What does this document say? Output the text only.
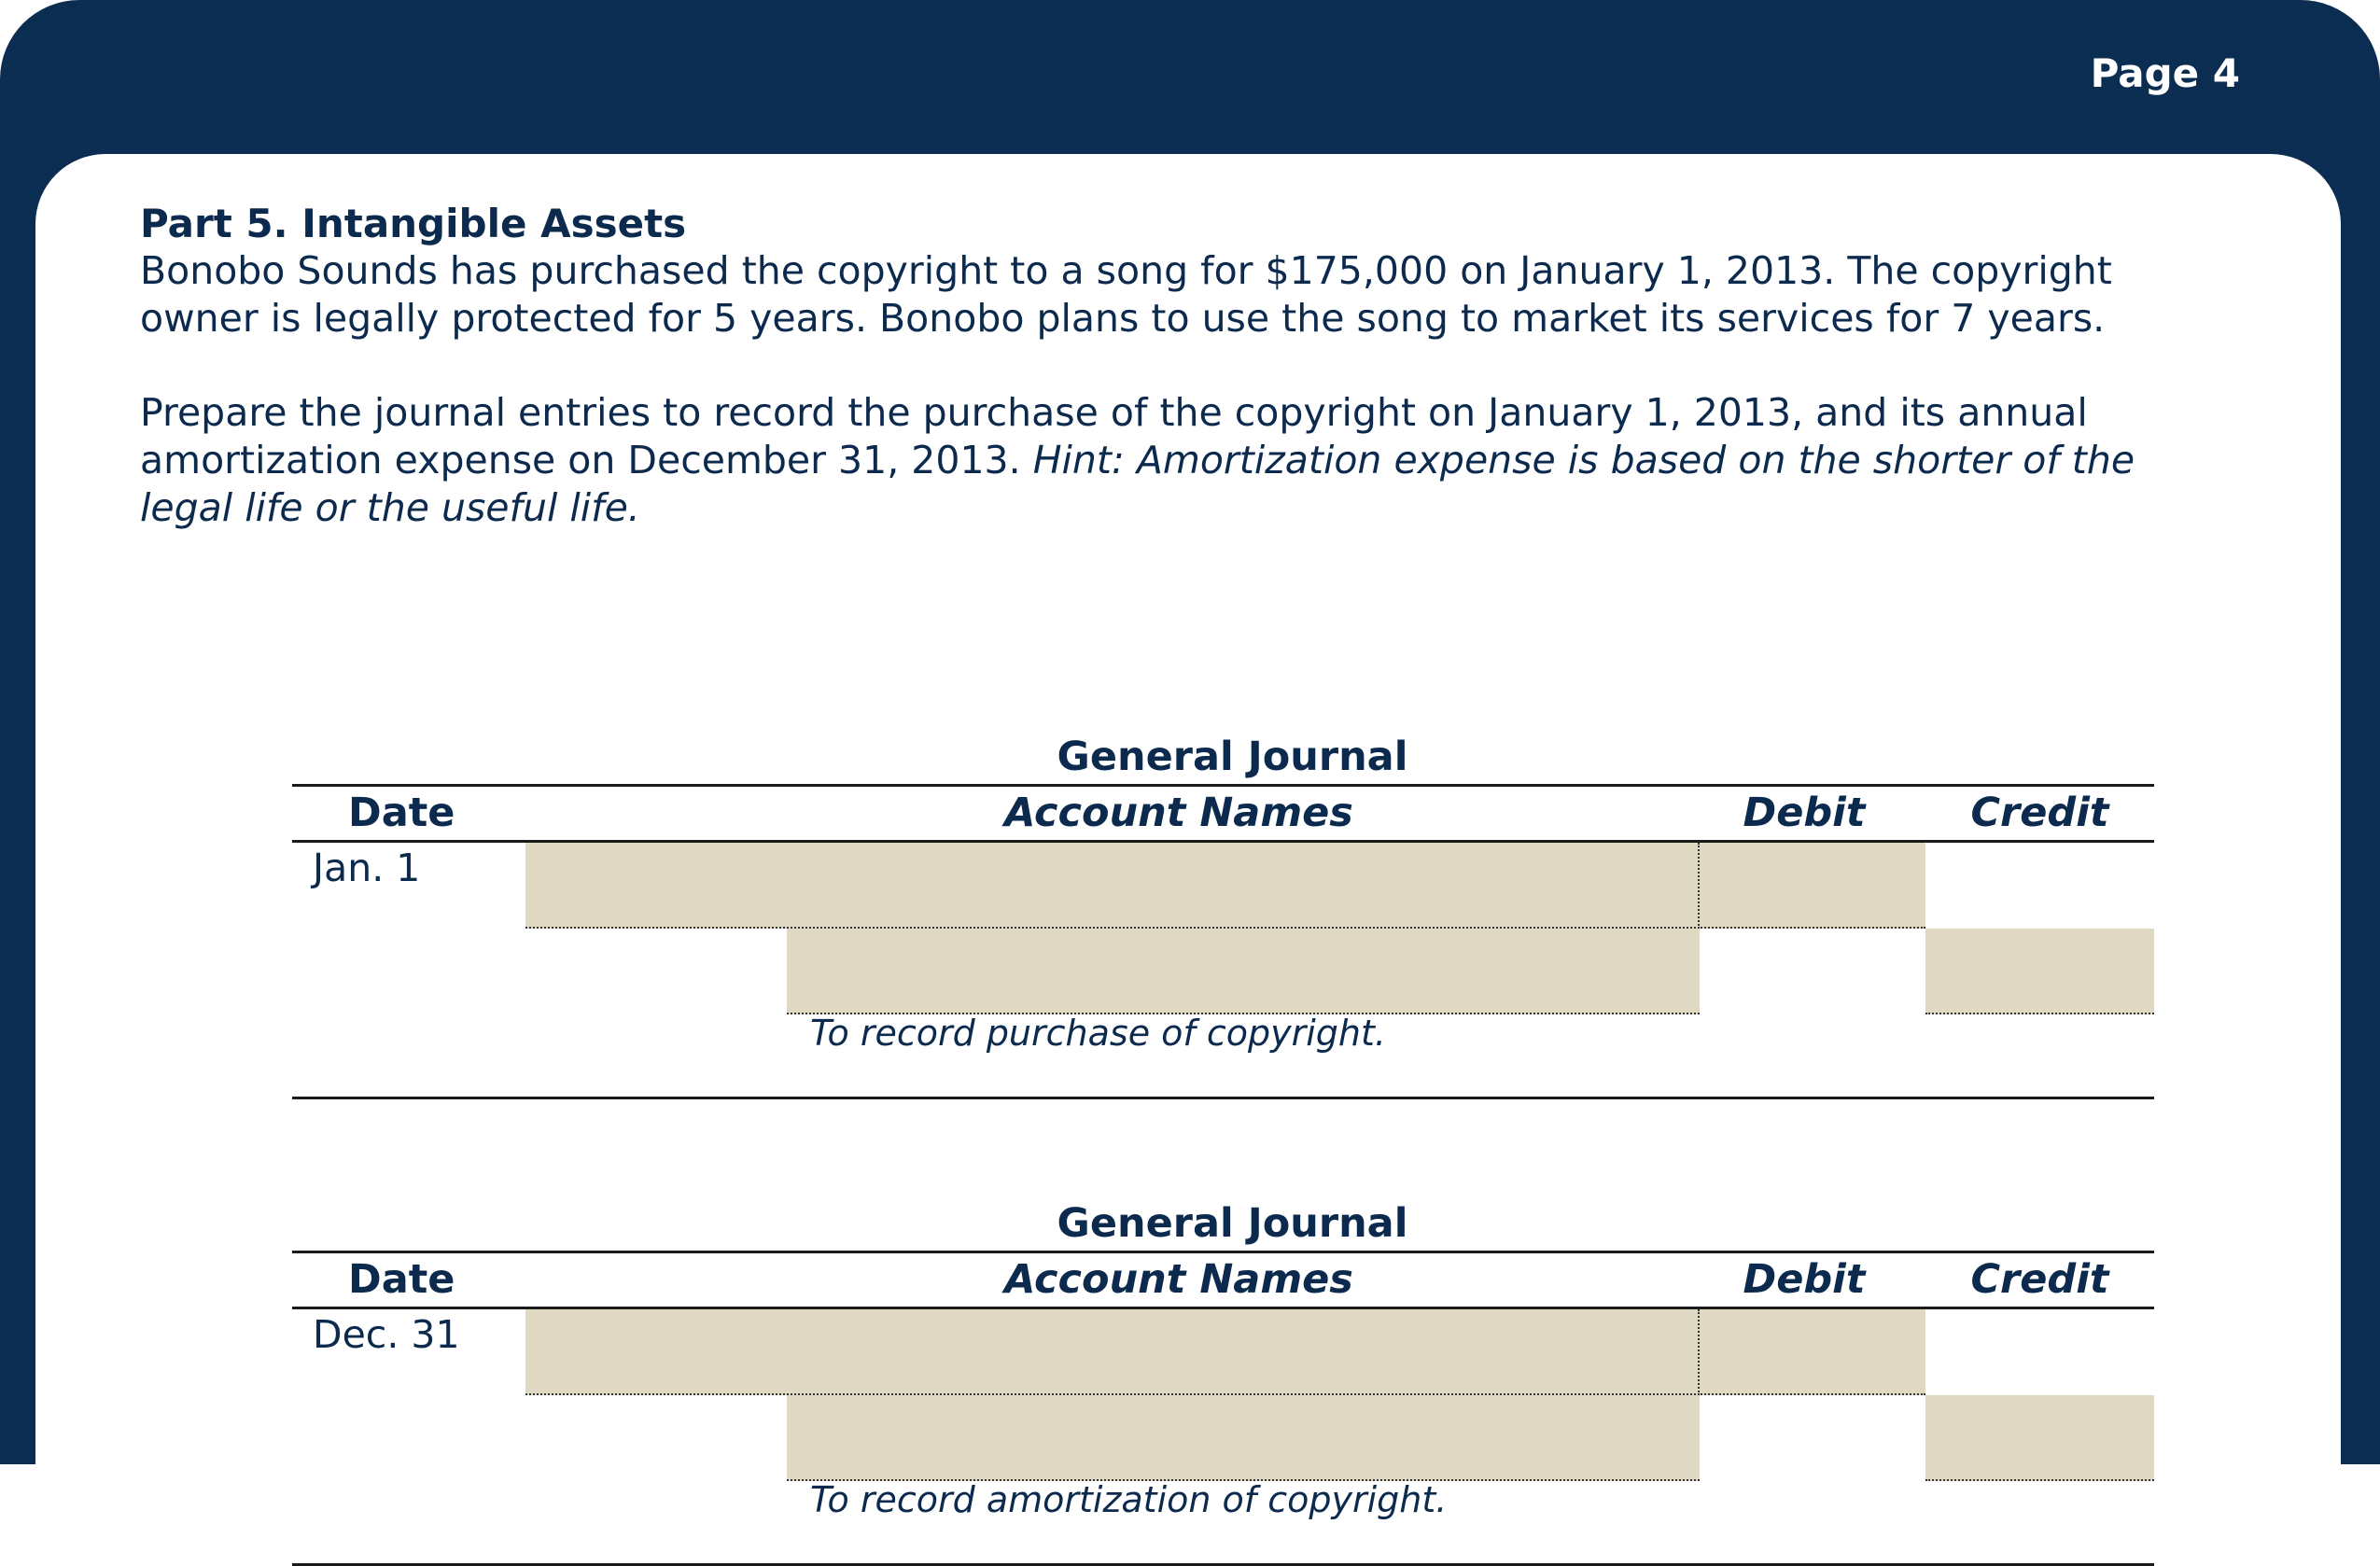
Page 4

Part 5. Intangible Assets

Bonobo Sounds has purchased the copyright to a song for $175,000 on January 1, 2013. The copyright
owner is legally protected for 5 years. Bonobo plans to use the song to market its services for 7 years.

Prepare the journal entries to record the purchase of the copyright on January 1, 2013, and its annual
amortization expense on December 31, 2013. Hint: Amortization expense is based on the shorter of the
legal life or the useful life.

General Journal
Date	Account Names	Debit	Credit
Jan. 1
To record purchase of copyright.
General Journal
Date	Account Names	Debit	Credit
Dec. 31
To record amortization of copyright.
